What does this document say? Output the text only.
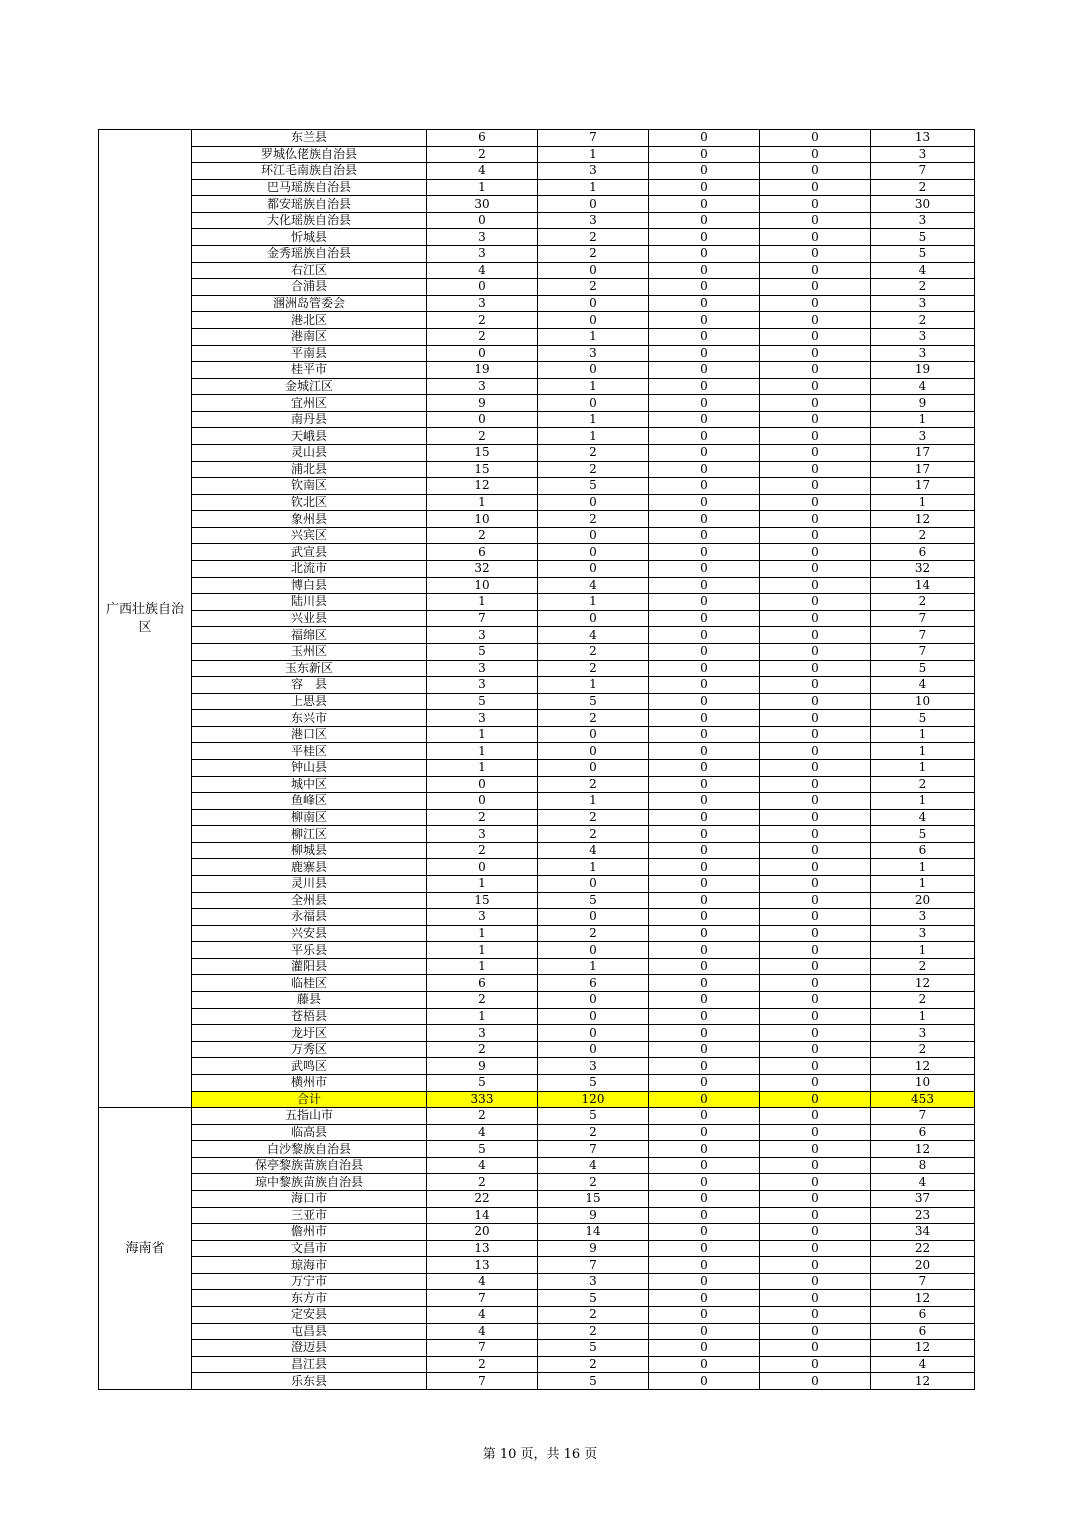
广西壮族自治区	东兰县	6	7	0	0	13
	罗城仫佬族自治县	2	1	0	0	3
	环江毛南族自治县	4	3	0	0	7
	巴马瑶族自治县	1	1	0	0	2
	都安瑶族自治县	30	0	0	0	30
	大化瑶族自治县	0	3	0	0	3
	忻城县	3	2	0	0	5
	金秀瑶族自治县	3	2	0	0	5
	右江区	4	0	0	0	4
	合浦县	0	2	0	0	2
	涠洲岛管委会	3	0	0	0	3
	港北区	2	0	0	0	2
	港南区	2	1	0	0	3
	平南县	0	3	0	0	3
	桂平市	19	0	0	0	19
	金城江区	3	1	0	0	4
	宜州区	9	0	0	0	9
	南丹县	0	1	0	0	1
	天峨县	2	1	0	0	3
	灵山县	15	2	0	0	17
	浦北县	15	2	0	0	17
	钦南区	12	5	0	0	17
	钦北区	1	0	0	0	1
	象州县	10	2	0	0	12
	兴宾区	2	0	0	0	2
	武宣县	6	0	0	0	6
	北流市	32	0	0	0	32
	博白县	10	4	0	0	14
	陆川县	1	1	0	0	2
	兴业县	7	0	0	0	7
	福绵区	3	4	0	0	7
	玉州区	5	2	0	0	7
	玉东新区	3	2	0	0	5
	容　县	3	1	0	0	4
	上思县	5	5	0	0	10
	东兴市	3	2	0	0	5
	港口区	1	0	0	0	1
	平桂区	1	0	0	0	1
	钟山县	1	0	0	0	1
	城中区	0	2	0	0	2
	鱼峰区	0	1	0	0	1
	柳南区	2	2	0	0	4
	柳江区	3	2	0	0	5
	柳城县	2	4	0	0	6
	鹿寨县	0	1	0	0	1
	灵川县	1	0	0	0	1
	全州县	15	5	0	0	20
	永福县	3	0	0	0	3
	兴安县	1	2	0	0	3
	平乐县	1	0	0	0	1
	灌阳县	1	1	0	0	2
	临桂区	6	6	0	0	12
	藤县	2	0	0	0	2
	苍梧县	1	0	0	0	1
	龙圩区	3	0	0	0	3
	万秀区	2	0	0	0	2
	武鸣区	9	3	0	0	12
	横州市	5	5	0	0	10
	合计	333	120	0	0	453
海南省	五指山市	2	5	0	0	7
	临高县	4	2	0	0	6
	白沙黎族自治县	5	7	0	0	12
	保亭黎族苗族自治县	4	4	0	0	8
	琼中黎族苗族自治县	2	2	0	0	4
	海口市	22	15	0	0	37
	三亚市	14	9	0	0	23
	儋州市	20	14	0	0	34
	文昌市	13	9	0	0	22
	琼海市	13	7	0	0	20
	万宁市	4	3	0	0	7
	东方市	7	5	0	0	12
	定安县	4	2	0	0	6
	屯昌县	4	2	0	0	6
	澄迈县	7	5	0	0	12
	昌江县	2	2	0	0	4
	乐东县	7	5	0	0	12
第 10 页，共 16 页
